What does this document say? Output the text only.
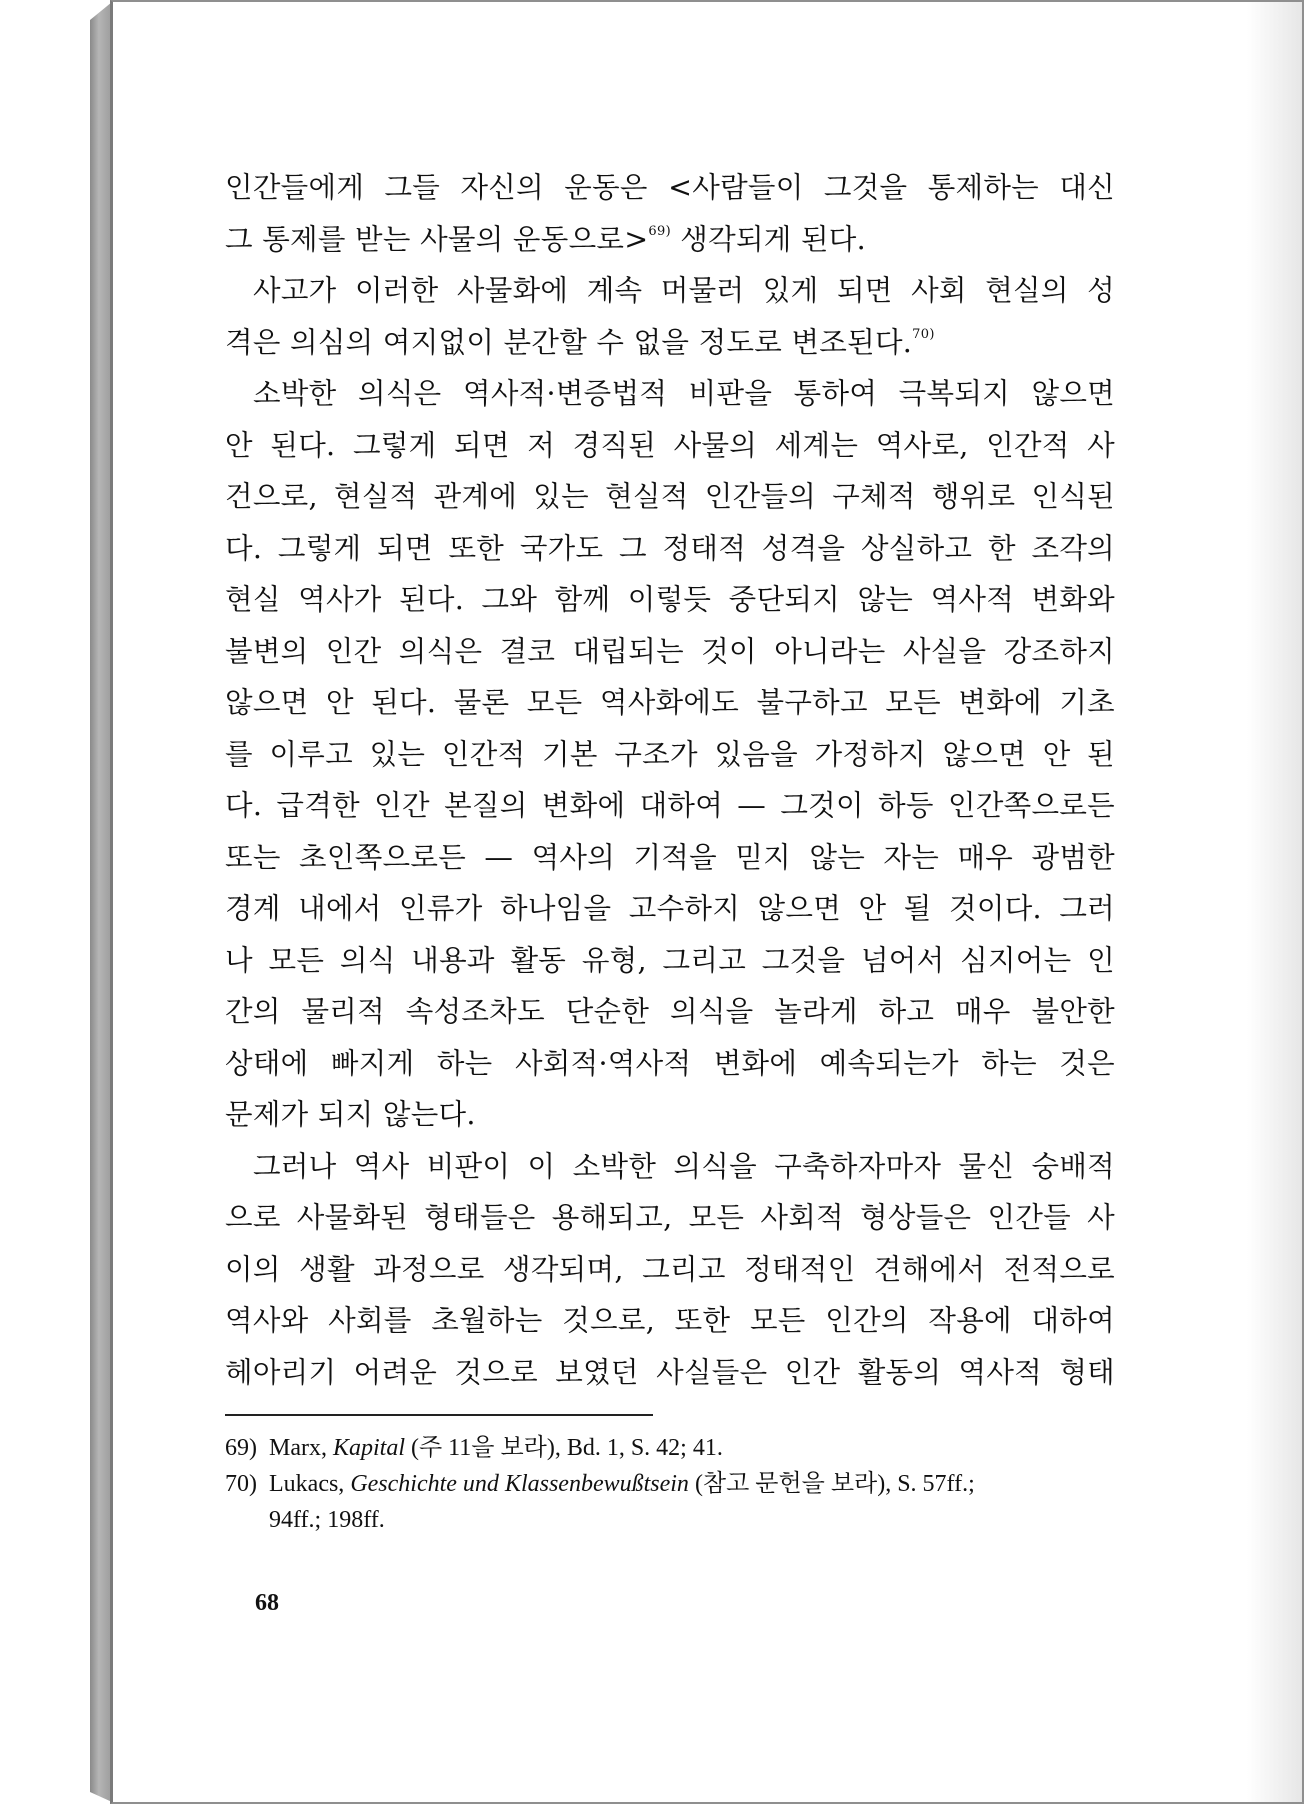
인간들에게 그들 자신의 운동은 <사람들이 그것을 통제하는 대신
그 통제를 받는 사물의 운동으로>$^{69)}$ 생각되게 된다.
사고가 이러한 사물화에 계속 머물러 있게 되면 사회 현실의 성
격은 의심의 여지없이 분간할 수 없을 정도로 변조된다.$^{70)}$
소박한 의식은 역사적·변증법적 비판을 통하여 극복되지 않으면
안 된다. 그렇게 되면 저 경직된 사물의 세계는 역사로, 인간적 사
건으로, 현실적 관계에 있는 현실적 인간들의 구체적 행위로 인식된
다. 그렇게 되면 또한 국가도 그 정태적 성격을 상실하고 한 조각의
현실 역사가 된다. 그와 함께 이렇듯 중단되지 않는 역사적 변화와
불변의 인간 의식은 결코 대립되는 것이 아니라는 사실을 강조하지
않으면 안 된다. 물론 모든 역사화에도 불구하고 모든 변화에 기초
를 이루고 있는 인간적 기본 구조가 있음을 가정하지 않으면 안 된
다. 급격한 인간 본질의 변화에 대하여 — 그것이 하등 인간쪽으로든
또는 초인쪽으로든 — 역사의 기적을 믿지 않는 자는 매우 광범한
경계 내에서 인류가 하나임을 고수하지 않으면 안 될 것이다. 그러
나 모든 의식 내용과 활동 유형, 그리고 그것을 넘어서 심지어는 인
간의 물리적 속성조차도 단순한 의식을 놀라게 하고 매우 불안한
상태에 빠지게 하는 사회적·역사적 변화에 예속되는가 하는 것은
문제가 되지 않는다.
그러나 역사 비판이 이 소박한 의식을 구축하자마자 물신 숭배적
으로 사물화된 형태들은 용해되고, 모든 사회적 형상들은 인간들 사
이의 생활 과정으로 생각되며, 그리고 정태적인 견해에서 전적으로
역사와 사회를 초월하는 것으로, 또한 모든 인간의 작용에 대하여
헤아리기 어려운 것으로 보였던 사실들은 인간 활동의 역사적 형태
69) Marx, Kapital (주 11을 보라), Bd. 1, S. 42; 41.
70) Lukacs, Geschichte und Klassenbewußtsein (참고 문헌을 보라), S. 57ff.;
94ff.; 198ff.
68
